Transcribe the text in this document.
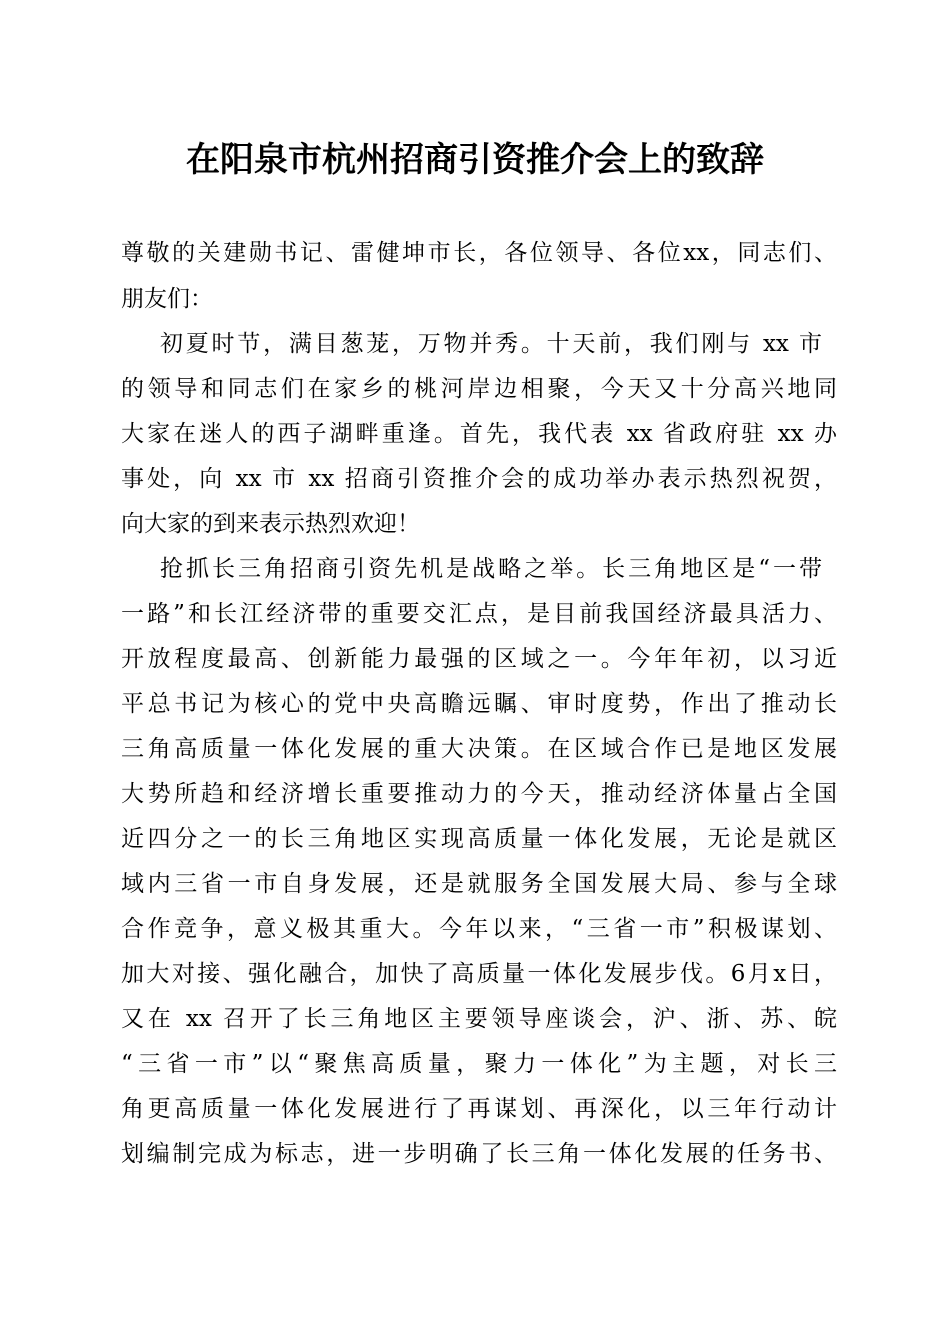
在阳泉市杭州招商引资推介会上的致辞
尊敬的关建勋书记、雷健坤市长，各位领导、各位xx，同志们、
朋友们：
初夏时节，满目葱茏，万物并秀。十天前，我们刚与 xx 市
的领导和同志们在家乡的桃河岸边相聚，今天又十分高兴地同
大家在迷人的西子湖畔重逢。首先，我代表 xx 省政府驻 xx 办
事处，向 xx 市 xx 招商引资推介会的成功举办表示热烈祝贺，
向大家的到来表示热烈欢迎！
抢抓长三角招商引资先机是战略之举。长三角地区是“一带
一路”和长江经济带的重要交汇点，是目前我国经济最具活力、
开放程度最高、创新能力最强的区域之一。今年年初，以习近
平总书记为核心的党中央高瞻远瞩、审时度势，作出了推动长
三角高质量一体化发展的重大决策。在区域合作已是地区发展
大势所趋和经济增长重要推动力的今天，推动经济体量占全国
近四分之一的长三角地区实现高质量一体化发展，无论是就区
域内三省一市自身发展，还是就服务全国发展大局、参与全球
合作竞争，意义极其重大。今年以来，“三省一市”积极谋划、
加大对接、强化融合，加快了高质量一体化发展步伐。6月x日，
又在 xx 召开了长三角地区主要领导座谈会，沪、浙、苏、皖
“三省一市”以“聚焦高质量，聚力一体化”为主题，对长三
角更高质量一体化发展进行了再谋划、再深化，以三年行动计
划编制完成为标志，进一步明确了长三角一体化发展的任务书、
